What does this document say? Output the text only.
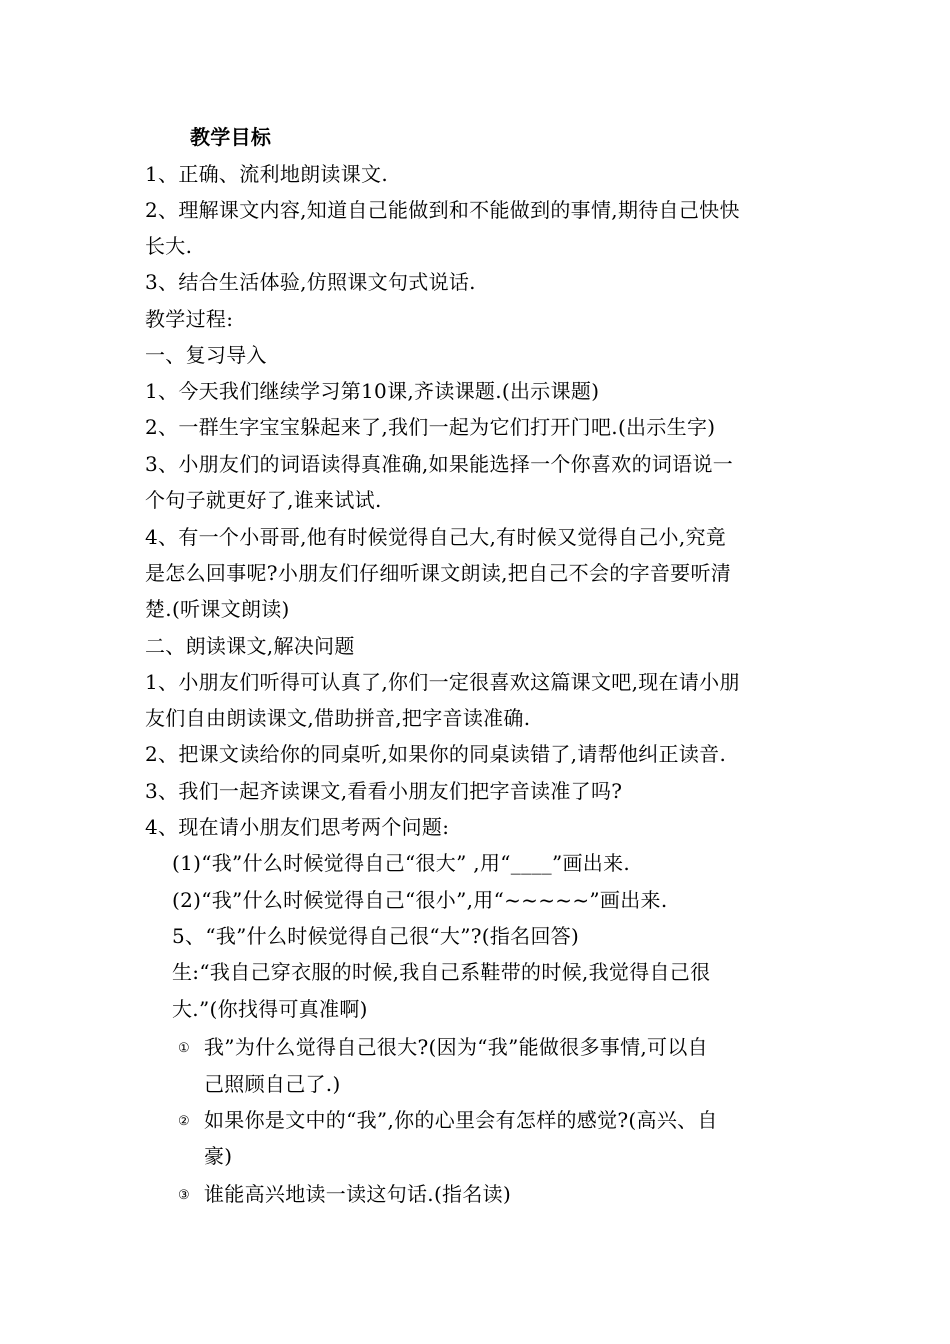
教学目标
1、正确、流利地朗读课文.
2、理解课文内容,知道自己能做到和不能做到的事情,期待自己快快
长大.
3、结合生活体验,仿照课文句式说话.
教学过程:
一、复习导入
1、今天我们继续学习第10课,齐读课题.(出示课题)
2、一群生字宝宝躲起来了,我们一起为它们打开门吧.(出示生字)
3、小朋友们的词语读得真准确,如果能选择一个你喜欢的词语说一
个句子就更好了,谁来试试.
4、有一个小哥哥,他有时候觉得自己大,有时候又觉得自己小,究竟
是怎么回事呢?小朋友们仔细听课文朗读,把自己不会的字音要听清
楚.(听课文朗读)
二、朗读课文,解决问题
1、小朋友们听得可认真了,你们一定很喜欢这篇课文吧,现在请小朋
友们自由朗读课文,借助拼音,把字音读准确.
2、把课文读给你的同桌听,如果你的同桌读错了,请帮他纠正读音.
3、我们一起齐读课文,看看小朋友们把字音读准了吗?
4、现在请小朋友们思考两个问题:
(1)“我”什么时候觉得自己“很大” ,用“____”画出来.
(2)“我”什么时候觉得自己“很小”,用“~~~~~”画出来.
5、“我”什么时候觉得自己很“大”?(指名回答)
生:“我自己穿衣服的时候,我自己系鞋带的时候,我觉得自己很
大.”(你找得可真准啊)
① 我”为什么觉得自己很大?(因为“我”能做很多事情,可以自
己照顾自己了.)
② 如果你是文中的“我”,你的心里会有怎样的感觉?(高兴、自
豪)
③ 谁能高兴地读一读这句话.(指名读)
